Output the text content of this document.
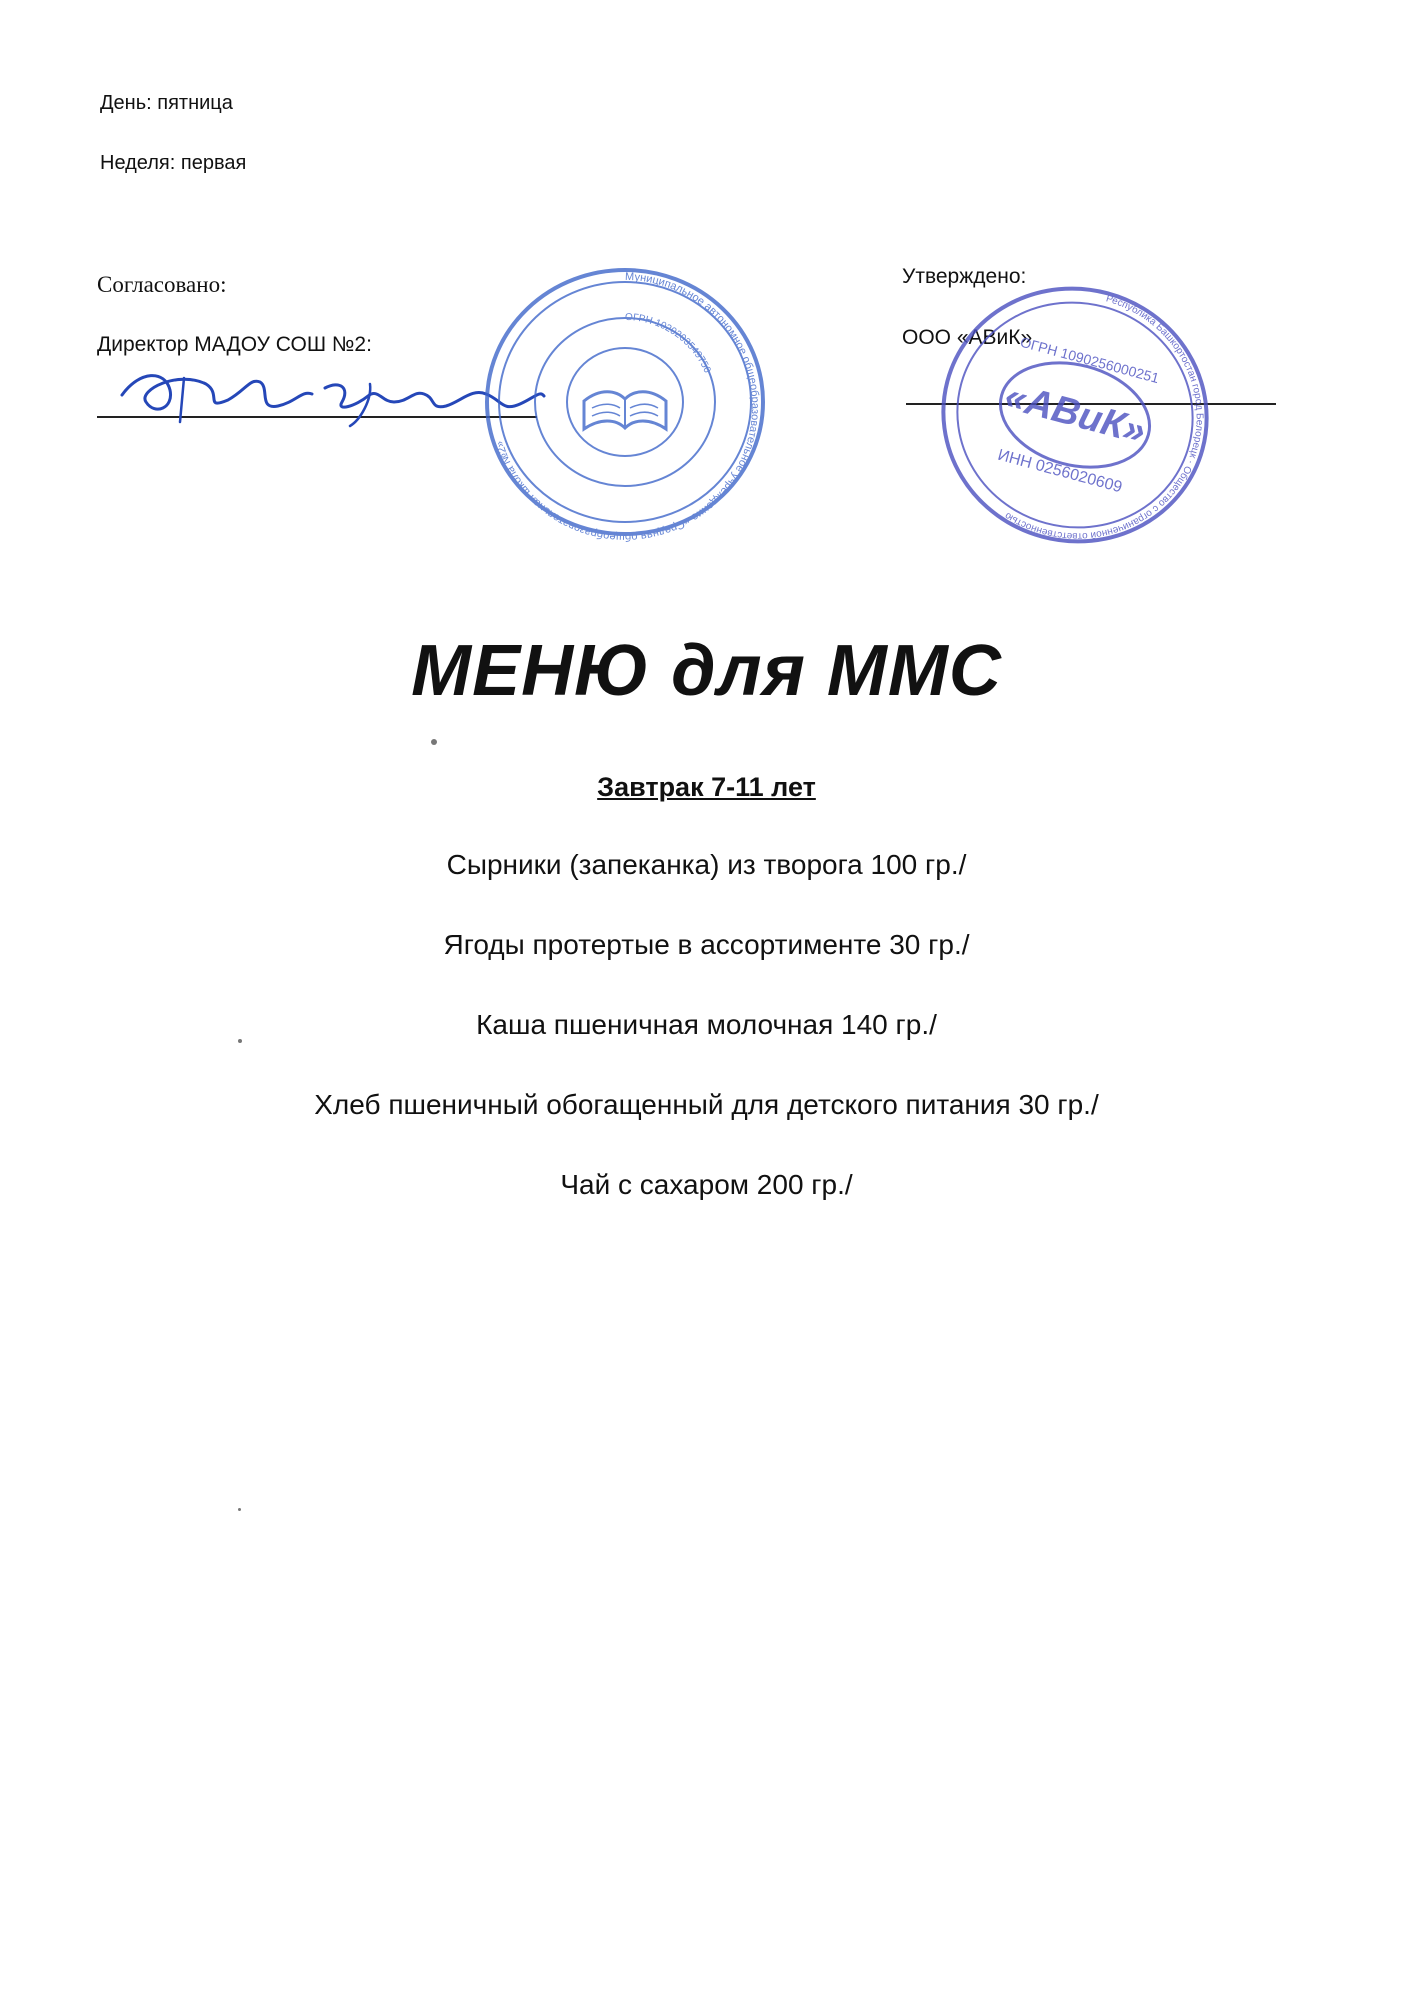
День: пятница
Неделя: первая
Согласовано:
Директор МАДОУ СОШ №2:
Утверждено:
ООО «АВиК»
Муниципальное автономное общеобразовательное учреждение «Средняя общеобразовательная школа №2»
ОГРН 1020203549750
Республика Башкортостан город Белорецк · Общество с ограниченной ответственностью
«АВиК»
ОГРН 1090256000251
ИНН 0256020609
МЕНЮ для ММС
Завтрак 7-11 лет
Сырники (запеканка) из творога 100 гр./
Ягоды протертые в ассортименте 30 гр./
Каша пшеничная молочная 140 гр./
Хлеб пшеничный обогащенный для детского питания 30 гр./
Чай с сахаром 200 гр./
